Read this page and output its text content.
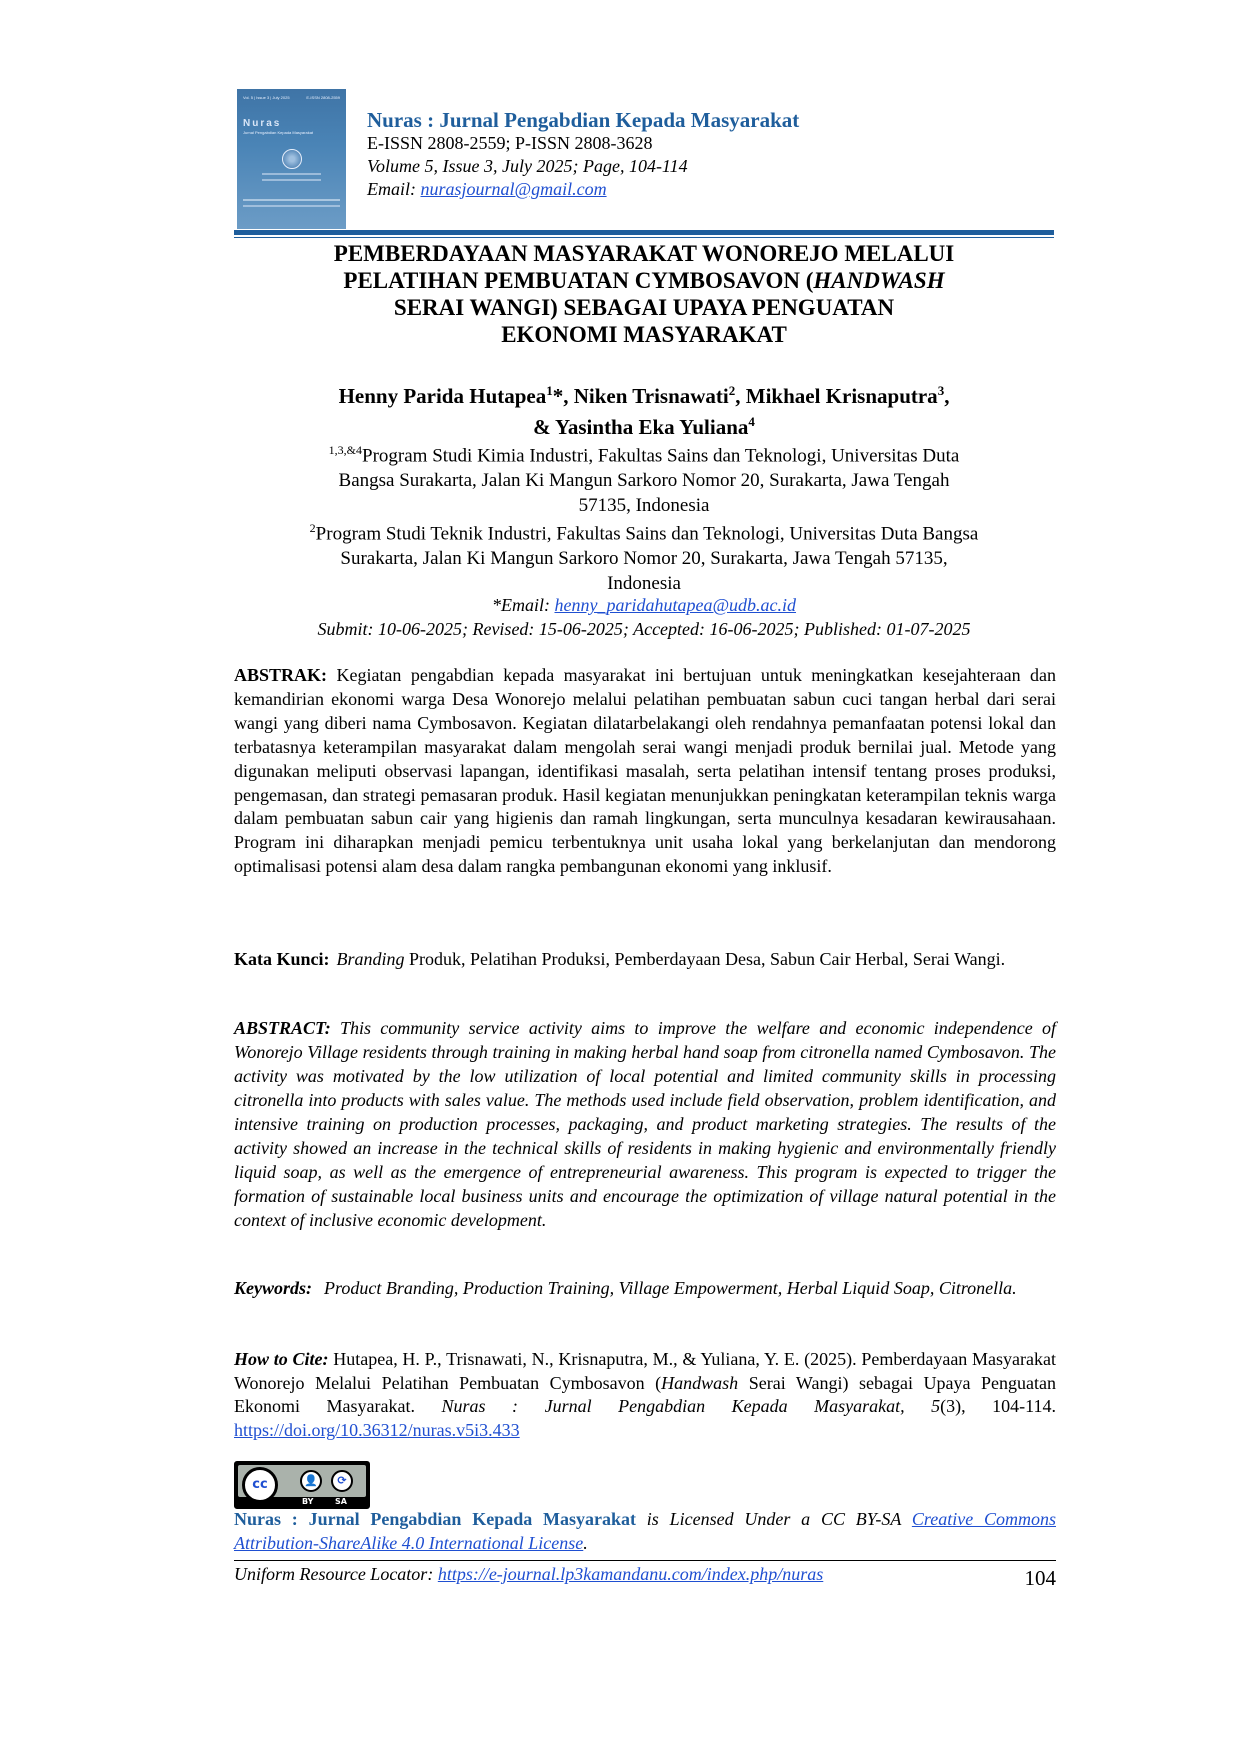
Vol. 5 | Issue 3 | July 2025	E-ISSN 2808-2559
Nuras
Jurnal Pengabdian Kepada Masyarakat
Nuras : Jurnal Pengabdian Kepada Masyarakat
E-ISSN 2808-2559; P-ISSN 2808-3628
Volume 5, Issue 3, July 2025; Page, 104-114
Email: nurasjournal@gmail.com
PEMBERDAYAAN MASYARAKAT WONOREJO MELALUI
PELATIHAN PEMBUATAN CYMBOSAVON (HANDWASH
SERAI WANGI) SEBAGAI UPAYA PENGUATAN
EKONOMI MASYARAKAT
Henny Parida Hutapea$^1$*, Niken Trisnawati$^2$, Mikhael Krisnaputra$^3$,
& Yasintha Eka Yuliana$^4$
$^{1,3,\&4}$Program Studi Kimia Industri, Fakultas Sains dan Teknologi, Universitas Duta
Bangsa Surakarta, Jalan Ki Mangun Sarkoro Nomor 20, Surakarta, Jawa Tengah
57135, Indonesia
$^2$Program Studi Teknik Industri, Fakultas Sains dan Teknologi, Universitas Duta Bangsa
Surakarta, Jalan Ki Mangun Sarkoro Nomor 20, Surakarta, Jawa Tengah 57135,
Indonesia
*Email: henny_paridahutapea@udb.ac.id
Submit: 10-06-2025; Revised: 15-06-2025; Accepted: 16-06-2025; Published: 01-07-2025
ABSTRAK: Kegiatan pengabdian kepada masyarakat ini bertujuan untuk meningkatkan kesejahteraan dan kemandirian ekonomi warga Desa Wonorejo melalui pelatihan pembuatan sabun cuci tangan herbal dari serai wangi yang diberi nama Cymbosavon. Kegiatan dilatarbelakangi oleh rendahnya pemanfaatan potensi lokal dan terbatasnya keterampilan masyarakat dalam mengolah serai wangi menjadi produk bernilai jual. Metode yang digunakan meliputi observasi lapangan, identifikasi masalah, serta pelatihan intensif tentang proses produksi, pengemasan, dan strategi pemasaran produk. Hasil kegiatan menunjukkan peningkatan keterampilan teknis warga dalam pembuatan sabun cair yang higienis dan ramah lingkungan, serta munculnya kesadaran kewirausahaan. Program ini diharapkan menjadi pemicu terbentuknya unit usaha lokal yang berkelanjutan dan mendorong optimalisasi potensi alam desa dalam rangka pembangunan ekonomi yang inklusif.
Kata Kunci: Branding Produk, Pelatihan Produksi, Pemberdayaan Desa, Sabun Cair Herbal, Serai Wangi.
ABSTRACT: This community service activity aims to improve the welfare and economic independence of Wonorejo Village residents through training in making herbal hand soap from citronella named Cymbosavon. The activity was motivated by the low utilization of local potential and limited community skills in processing citronella into products with sales value. The methods used include field observation, problem identification, and intensive training on production processes, packaging, and product marketing strategies. The results of the activity showed an increase in the technical skills of residents in making hygienic and environmentally friendly liquid soap, as well as the emergence of entrepreneurial awareness. This program is expected to trigger the formation of sustainable local business units and encourage the optimization of village natural potential in the context of inclusive economic development.
Keywords: Product Branding, Production Training, Village Empowerment, Herbal Liquid Soap, Citronella.
How to Cite: Hutapea, H. P., Trisnawati, N., Krisnaputra, M., & Yuliana, Y. E. (2025). Pemberdayaan Masyarakat Wonorejo Melalui Pelatihan Pembuatan Cymbosavon (Handwash Serai Wangi) sebagai Upaya Penguatan Ekonomi Masyarakat. Nuras : Jurnal Pengabdian Kepada Masyarakat, 5(3), 104-114. https://doi.org/10.36312/nuras.v5i3.433
cc	👤	⟳
BY	SA
Nuras : Jurnal Pengabdian Kepada Masyarakat is Licensed Under a CC BY-SA Creative Commons Attribution-ShareAlike 4.0 International License.
Uniform Resource Locator: https://e-journal.lp3kamandanu.com/index.php/nuras	104
